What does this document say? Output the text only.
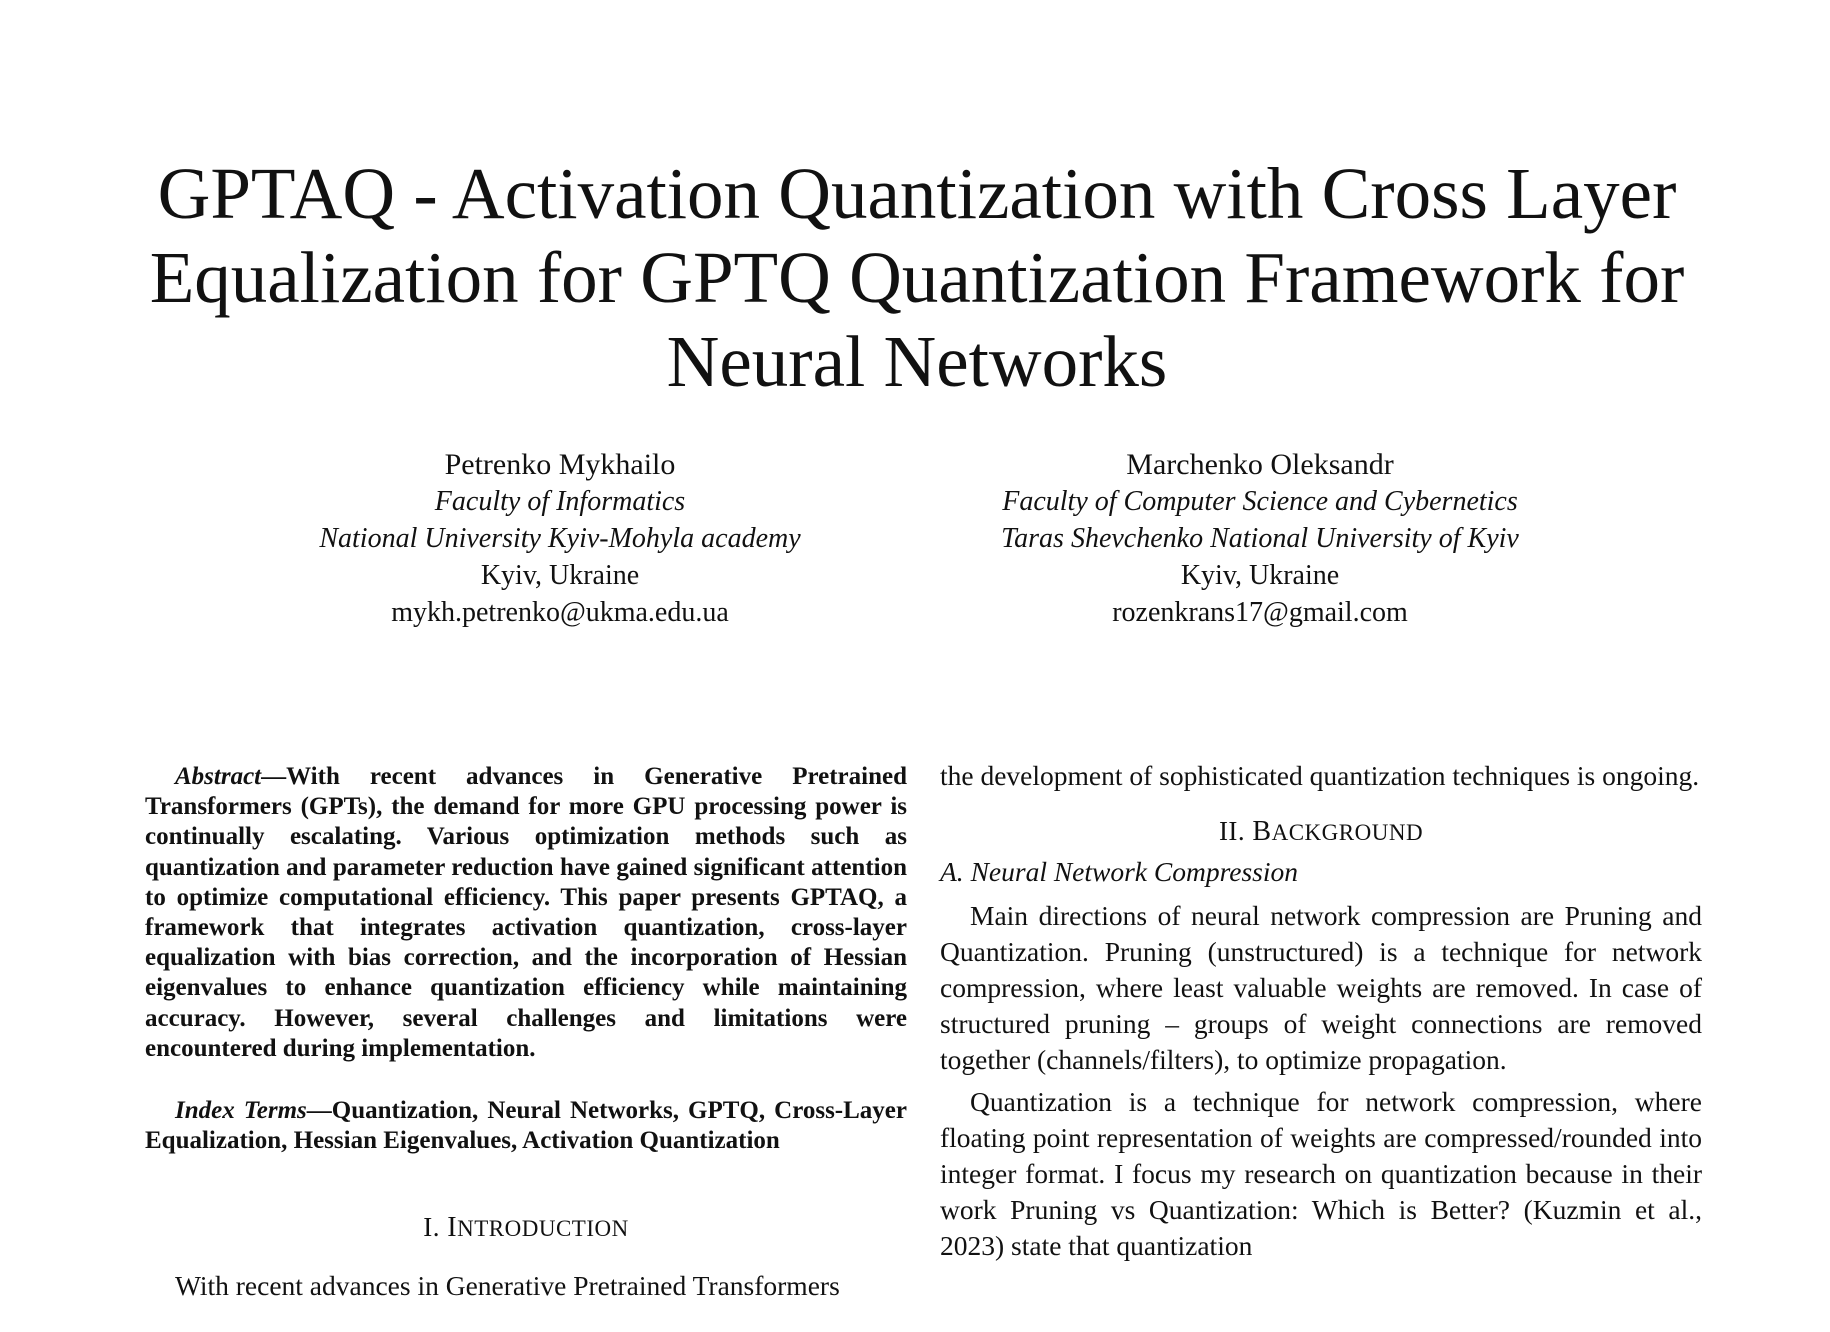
GPTAQ - Activation Quantization with Cross Layer
Equalization for GPTQ Quantization Framework for
Neural Networks
Petrenko Mykhailo
Faculty of Informatics
National University Kyiv-Mohyla academy
Kyiv, Ukraine
mykh.petrenko@ukma.edu.ua
Marchenko Oleksandr
Faculty of Computer Science and Cybernetics
Taras Shevchenko National University of Kyiv
Kyiv, Ukraine
rozenkrans17@gmail.com

Abstract—With recent advances in Generative Pretrained Transformers (GPTs), the demand for more GPU processing power is continually escalating. Various optimization methods such as quantization and parameter reduction have gained significant attention to optimize computational efficiency. This paper presents GPTAQ, a framework that integrates activation quantization, cross-layer equalization with bias correction, and the incorporation of Hessian eigenvalues to enhance quantization efficiency while maintaining accuracy. However, several challenges and limitations were encountered during implementation.

Index Terms—Quantization, Neural Networks, GPTQ, Cross-Layer Equalization, Hessian Eigenvalues, Activation Quantization

I. INTRODUCTION

With recent advances in Generative Pretrained Transformers

the development of sophisticated quantization techniques is ongoing.

II. BACKGROUND
A. Neural Network Compression

Main directions of neural network compression are Pruning and Quantization. Pruning (unstructured) is a technique for network compression, where least valuable weights are removed. In case of structured pruning – groups of weight connections are removed together (channels/filters), to optimize propagation.

Quantization is a technique for network compression, where floating point representation of weights are compressed/rounded into integer format. I focus my research on quantization because in their work Pruning vs Quantization: Which is Better? (Kuzmin et al., 2023) state that quantization
